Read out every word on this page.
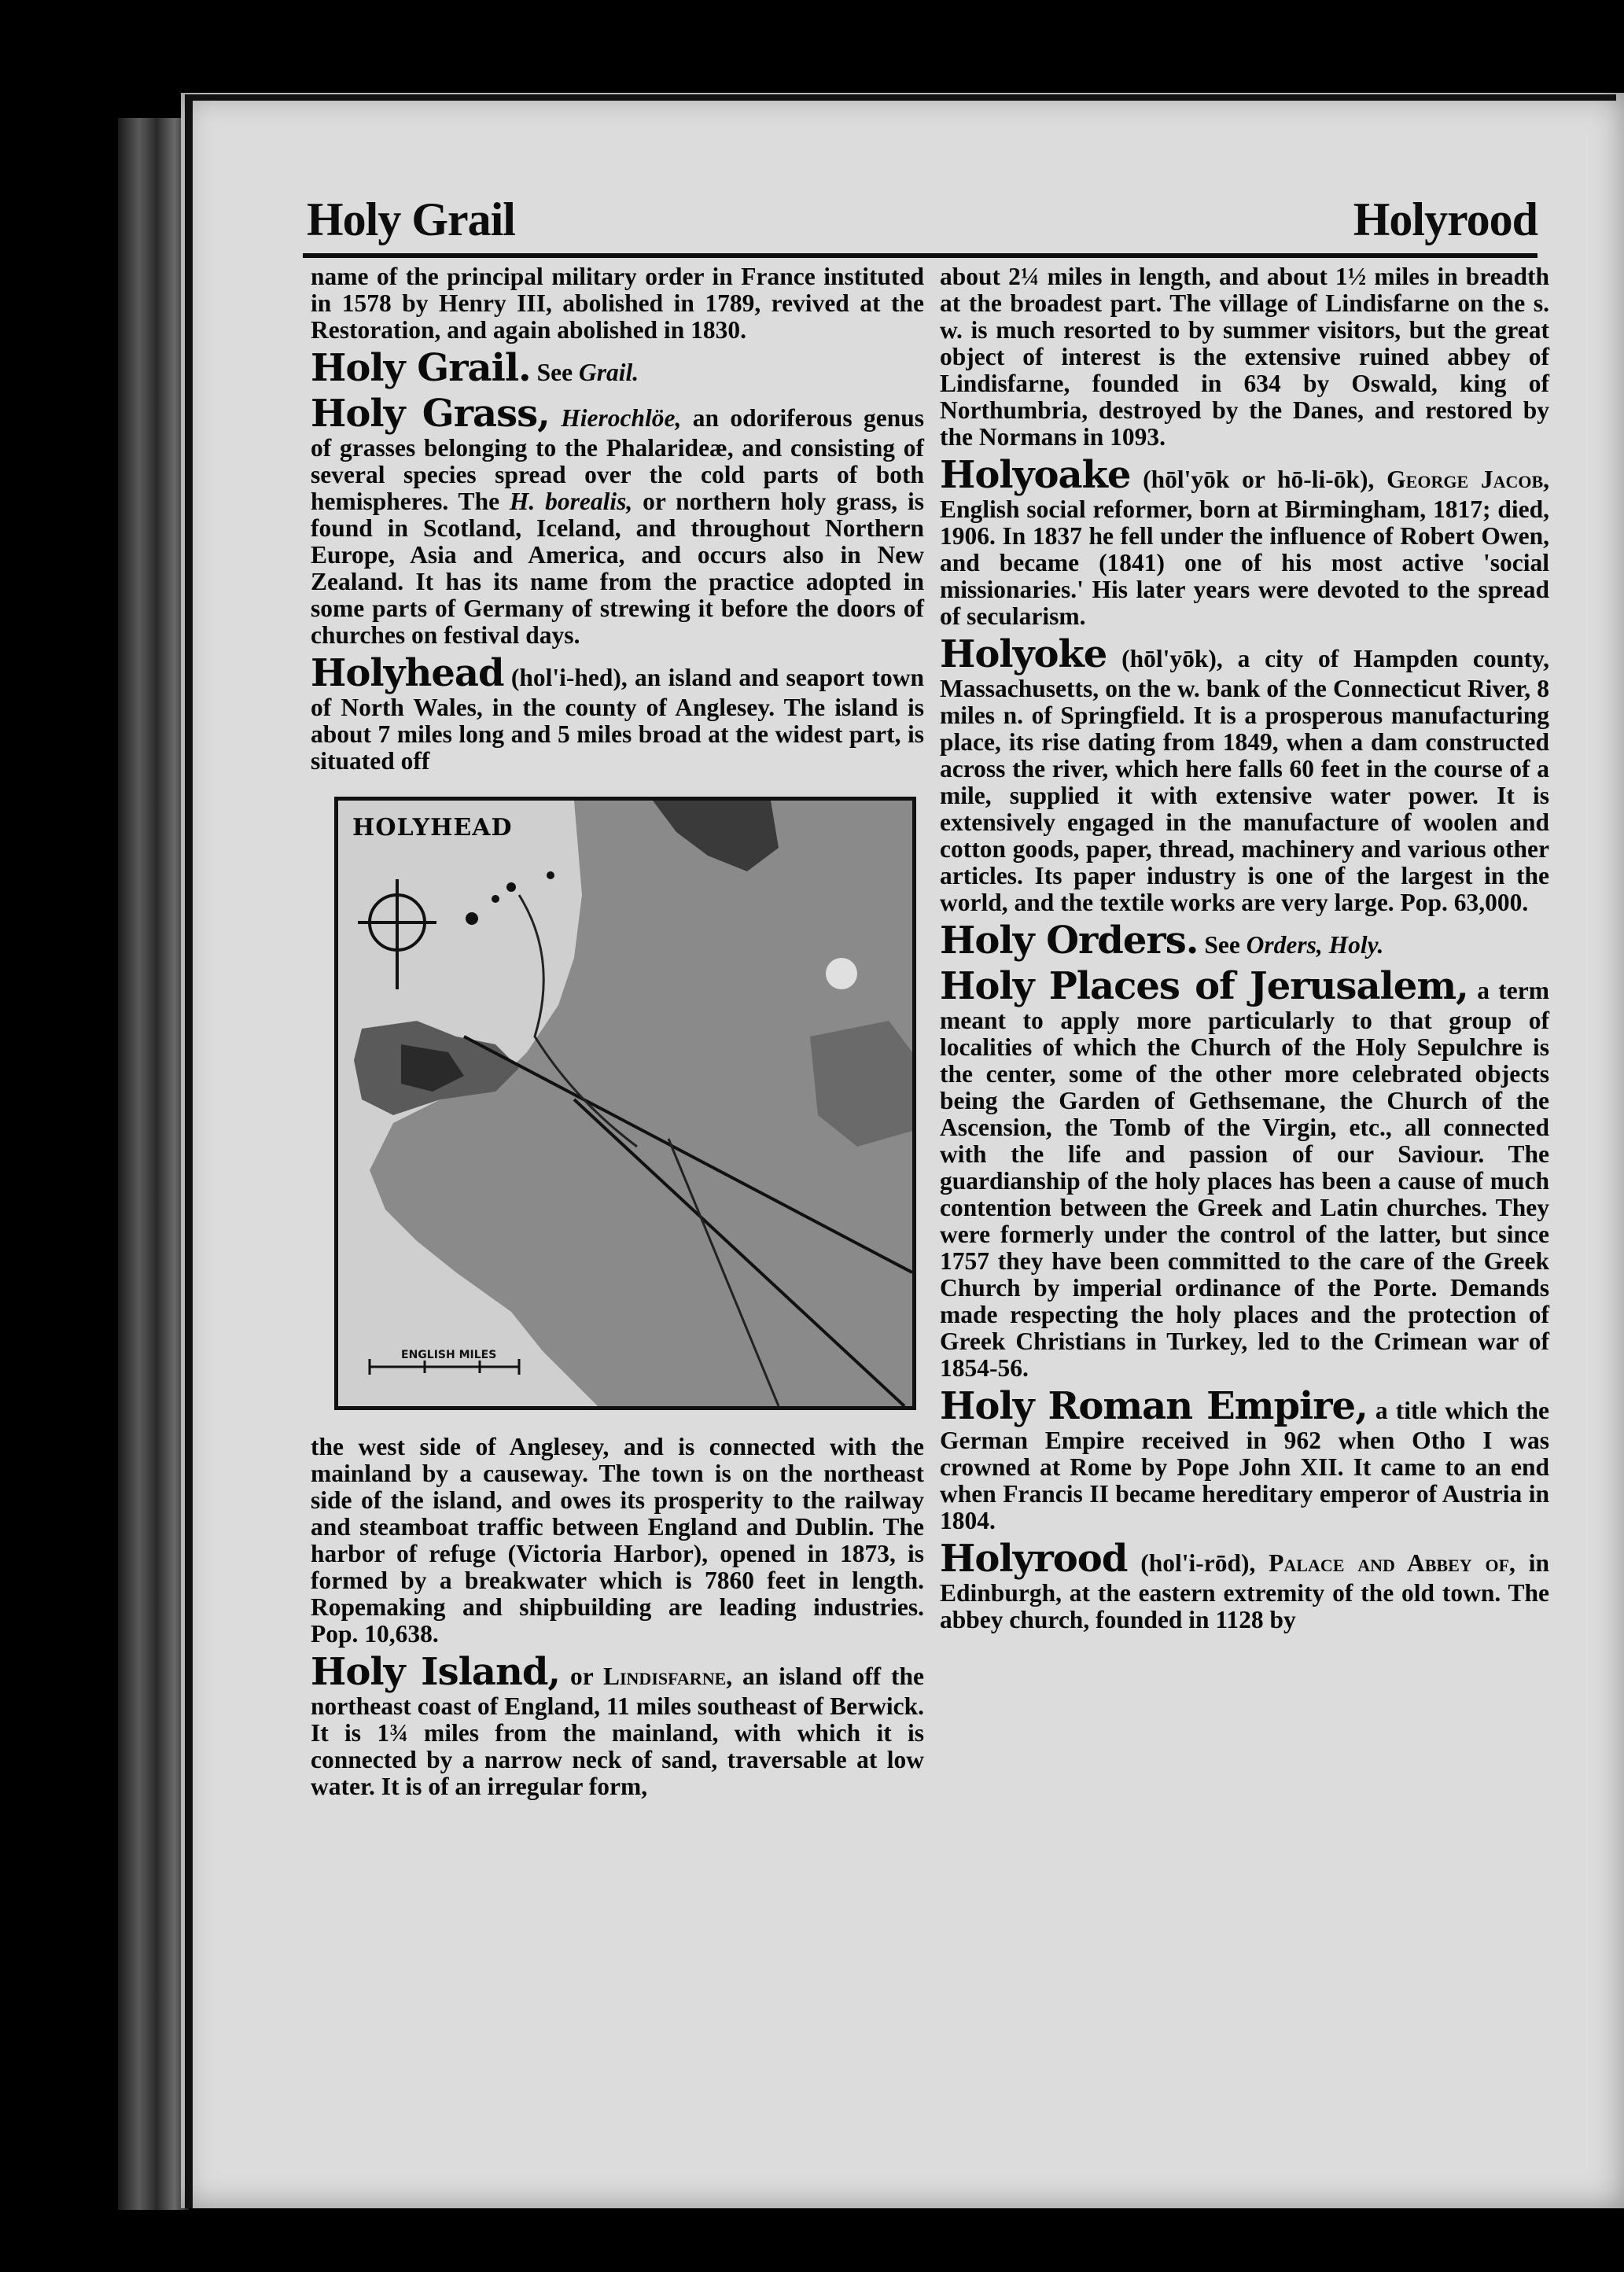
Holy Grail	Holyrood

name of the principal military order in France instituted in 1578 by Henry III, abolished in 1789, revived at the Restoration, and again abolished in 1830.

Holy Grail. See Grail.

Holy Grass, Hierochlöe, an odoriferous genus of grasses belonging to the Phalarideæ, and consisting of several species spread over the cold parts of both hemispheres. The H. borealis, or northern holy grass, is found in Scotland, Iceland, and throughout Northern Europe, Asia and America, and occurs also in New Zealand. It has its name from the practice adopted in some parts of Germany of strewing it before the doors of churches on festival days.

Holyhead (hol'i-hed), an island and seaport town of North Wales, in the county of Anglesey. The island is about 7 miles long and 5 miles broad at the widest part, is situated off

HOLYHEAD
ENGLISH MILES

the west side of Anglesey, and is connected with the mainland by a causeway. The town is on the northeast side of the island, and owes its prosperity to the railway and steamboat traffic between England and Dublin. The harbor of refuge (Victoria Harbor), opened in 1873, is formed by a breakwater which is 7860 feet in length. Ropemaking and shipbuilding are leading industries. Pop. 10,638.

Holy Island, or Lindisfarne, an island off the northeast coast of England, 11 miles southeast of Berwick. It is 1¾ miles from the mainland, with which it is connected by a narrow neck of sand, traversable at low water. It is of an irregular form,

about 2¼ miles in length, and about 1½ miles in breadth at the broadest part. The village of Lindisfarne on the s. w. is much resorted to by summer visitors, but the great object of interest is the extensive ruined abbey of Lindisfarne, founded in 634 by Oswald, king of Northumbria, destroyed by the Danes, and restored by the Normans in 1093.

Holyoake (hōl'yōk or hō-li-ōk), George Jacob, English social reformer, born at Birmingham, 1817; died, 1906. In 1837 he fell under the influence of Robert Owen, and became (1841) one of his most active 'social missionaries.' His later years were devoted to the spread of secularism.

Holyoke (hōl'yōk), a city of Hampden county, Massachusetts, on the w. bank of the Connecticut River, 8 miles n. of Springfield. It is a prosperous manufacturing place, its rise dating from 1849, when a dam constructed across the river, which here falls 60 feet in the course of a mile, supplied it with extensive water power. It is extensively engaged in the manufacture of woolen and cotton goods, paper, thread, machinery and various other articles. Its paper industry is one of the largest in the world, and the textile works are very large. Pop. 63,000.

Holy Orders. See Orders, Holy.

Holy Places of Jerusalem, a term meant to apply more particularly to that group of localities of which the Church of the Holy Sepulchre is the center, some of the other more celebrated objects being the Garden of Gethsemane, the Church of the Ascension, the Tomb of the Virgin, etc., all connected with the life and passion of our Saviour. The guardianship of the holy places has been a cause of much contention between the Greek and Latin churches. They were formerly under the control of the latter, but since 1757 they have been committed to the care of the Greek Church by imperial ordinance of the Porte. Demands made respecting the holy places and the protection of Greek Christians in Turkey, led to the Crimean war of 1854-56.

Holy Roman Empire, a title which the German Empire received in 962 when Otho I was crowned at Rome by Pope John XII. It came to an end when Francis II became hereditary emperor of Austria in 1804.

Holyrood (hol'i-rōd), Palace and Abbey of, in Edinburgh, at the eastern extremity of the old town. The abbey church, founded in 1128 by
